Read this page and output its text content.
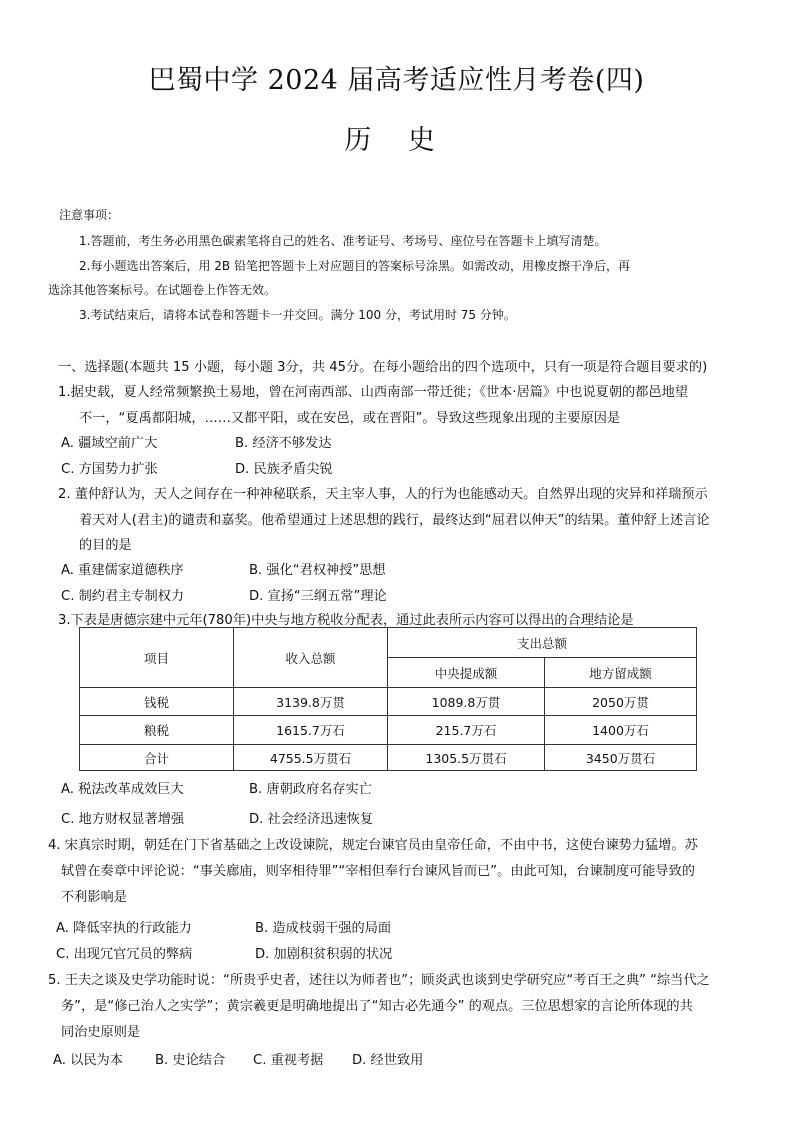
巴蜀中学 2024 届高考适应性月考卷(四)
历 史
注意事项：
1.答题前，考生务必用黑色碳素笔将自己的姓名、准考证号、考场号、座位号在答题卡上填写清楚。
2.每小题选出答案后，用 2B 铅笔把答题卡上对应题目的答案标号涂黑。如需改动，用橡皮擦干净后，再
选涂其他答案标号。在试题卷上作答无效。
3.考试结束后，请将本试卷和答题卡一并交回。满分 100 分，考试用时 75 分钟。
一、选择题(本题共 15 小题，每小题 3分，共 45分。在每小题给出的四个选项中，只有一项是符合题目要求的)
1.据史载，夏人经常频繁换土易地，曾在河南西部、山西南部一带迁徙；《世本·居篇》中也说夏朝的都邑地望
不一，“夏禹都阳城，……又都平阳，或在安邑，或在晋阳”。导致这些现象出现的主要原因是
A. 疆域空前广大	B. 经济不够发达
C. 方国势力扩张	D. 民族矛盾尖锐
2. 董仲舒认为，天人之间存在一种神秘联系，天主宰人事，人的行为也能感动天。自然界出现的灾异和祥瑞预示
着天对人(君主)的谴责和嘉奖。他希望通过上述思想的践行，最终达到“屈君以伸天”的结果。董仲舒上述言论
的目的是
A. 重建儒家道德秩序	B. 强化“君权神授”思想
C. 制约君主专制权力	D. 宣扬“三纲五常”理论
3.下表是唐德宗建中元年(780年)中央与地方税收分配表，通过此表所示内容可以得出的合理结论是
项目	收入总额	支出总额	
		中央提成额	地方留成额
钱税	3139.8万贯	1089.8万贯	2050万贯
粮税	1615.7万石	215.7万石	1400万石
合计	4755.5万贯石	1305.5万贯石	3450万贯石
A. 税法改革成效巨大	B. 唐朝政府名存实亡
C. 地方财权显著增强	D. 社会经济迅速恢复
4. 宋真宗时期，朝廷在门下省基础之上改设谏院，规定台谏官员由皇帝任命，不由中书，这使台谏势力猛增。苏
轼曾在奏章中评论说：“事关廊庙，则宰相待罪”“宰相但奉行台谏风旨而已”。由此可知，台谏制度可能导致的
不利影响是
A. 降低宰执的行政能力	B. 造成枝弱干强的局面
C. 出现冗官冗员的弊病	D. 加剧积贫积弱的状况
5. 王夫之谈及史学功能时说：“所贵乎史者，述往以为师者也”；顾炎武也谈到史学研究应“考百王之典” “综当代之
务”，是“修己治人之实学”；黄宗羲更是明确地提出了“知古必先通今” 的观点。三位思想家的言论所体现的共
同治史原则是
A. 以民为本 B. 史论结合 C. 重视考据 D. 经世致用
